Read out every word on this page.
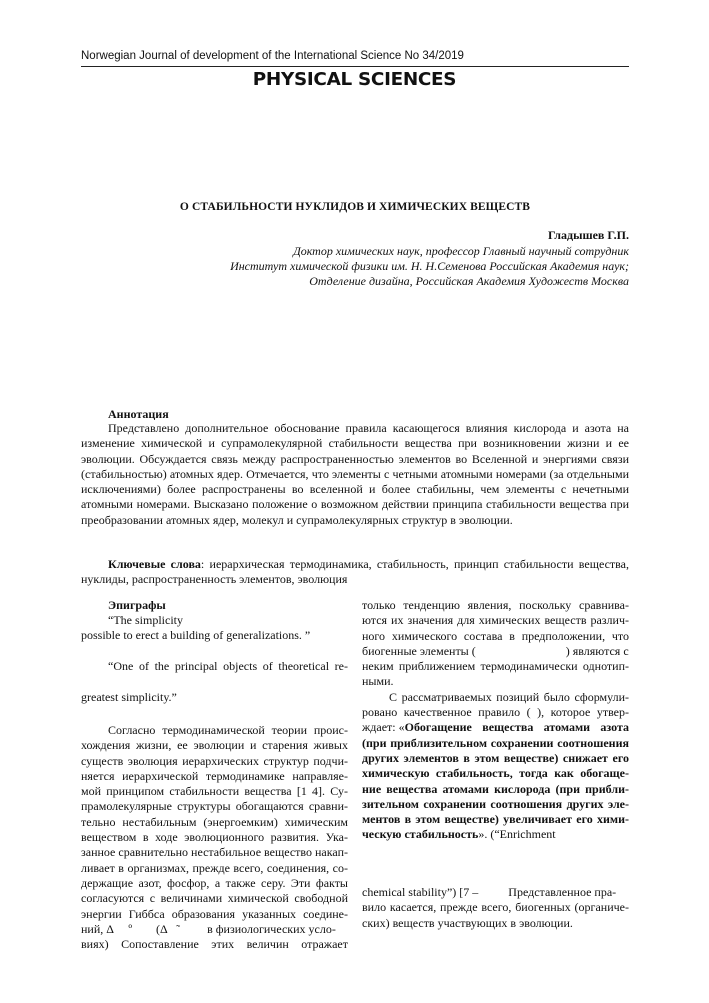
Norwegian Journal of development of the International Science No 34/2019
PHYSICAL SCIENCES
О СТАБИЛЬНОСТИ НУКЛИДОВ И ХИМИЧЕСКИХ ВЕЩЕСТВ
Гладышев Г.П.
Доктор химических наук, профессор Главный научный сотрудник
Институт химической физики им. Н. Н.Семенова Российская Академия наук;
Отделение дизайна, Российская Академия Художеств Москва
Аннотация
Представлено дополнительное обоснование правила касающегося влияния кислорода и азота на изменение химической и супрамолекулярной стабильности вещества при возникновении жизни и ее эволюции. Обсуждается связь между распространенностью элементов во Вселенной и энергиями связи (стабильностью) атомных ядер. Отмечается, что элементы с четными атомными номерами (за отдельными исключениями) более распространены во вселенной и более стабильны, чем элементы с нечетными атомными номерами. Высказано положение о возможном действии принципа стабильности вещества при преобразовании атомных ядер, молекул и супрамолекулярных структур в эволюции.
Ключевые слова: иерархическая термодинамика, стабильность, принцип стабильности вещества, нуклиды, распространенность элементов, эволюция
Эпиграфы
“The simplicity
possible to erect a building of generalizations. ”
“One of the principal objects of theoretical re-
greatest simplicity.”
Согласно термодинамической теории проис-
хождения жизни, ее эволюции и старения живых
существ эволюция иерархических структур подчи-
няется иерархической термодинамике направляе-
мой принципом стабильности вещества [1 4]. Су-
прамолекулярные структуры обогащаются сравни-
тельно нестабильным (энергоемким) химическим
веществом в ходе эволюционного развития. Ука-
занное сравнительно нестабильное вещество накап-
ливает в организмах, прежде всего, соединения, со-
держащие азот, фосфор, а также серу. Эти факты
согласуются с величинами химической свободной
энергии Гиббса образования указанных соедине-
ний, Δ     º        (Δ   ˜         в физиологических усло-
виях) Сопоставление этих величин отражает
только тенденцию явления, поскольку сравнива-
ются их значения для химических веществ различ-
ного химического состава в предположении, что
биогенные элементы (                              ) являются с
неким приближением термодинамически однотип-
ными.
С рассматриваемых позиций было сформули-
ровано качественное правило ( ), которое утвер-
ждает: « Обогащение вещества атомами азота
(при приблизительном сохранении соотношения
других элементов в этом веществе) снижает его
химическую стабильность, тогда как обогаще-
ние вещества атомами кислорода (при прибли-
зительном сохранении соотношения других эле-
ментов в этом веществе) увеличивает его хими-
ческую стабильность». (“Enrichment
chemical stability”) [7 –          Представленное пра-
вило касается, прежде всего, биогенных (органиче-
ских) веществ участвующих в эволюции.
